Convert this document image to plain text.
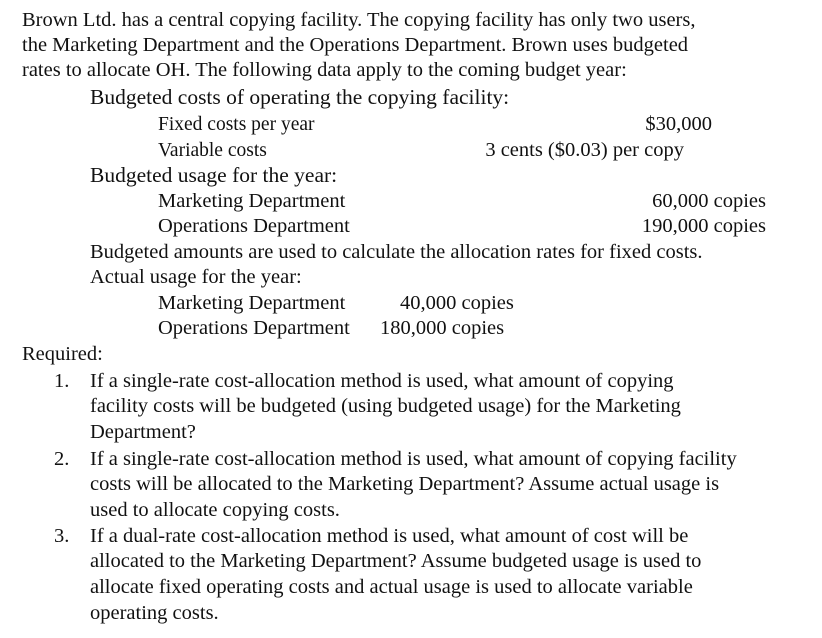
Brown Ltd. has a central copying facility. The copying facility has only two users,
the Marketing Department and the Operations Department. Brown uses budgeted
rates to allocate OH. The following data apply to the coming budget year:
Budgeted costs of operating the copying facility:
Fixed costs per year	$30,000
Variable costs	3 cents ($0.03) per copy
Budgeted usage for the year:
Marketing Department	60,000 copies
Operations Department	190,000 copies
Budgeted amounts are used to calculate the allocation rates for fixed costs.
Actual usage for the year:
Marketing Department	40,000 copies
Operations Department 180,000 copies
Required:
1. If a single-rate cost-allocation method is used, what amount of copying
facility costs will be budgeted (using budgeted usage) for the Marketing
Department?
2. If a single-rate cost-allocation method is used, what amount of copying facility
costs will be allocated to the Marketing Department? Assume actual usage is
used to allocate copying costs.
3. If a dual-rate cost-allocation method is used, what amount of cost will be
allocated to the Marketing Department? Assume budgeted usage is used to
allocate fixed operating costs and actual usage is used to allocate variable
operating costs.
